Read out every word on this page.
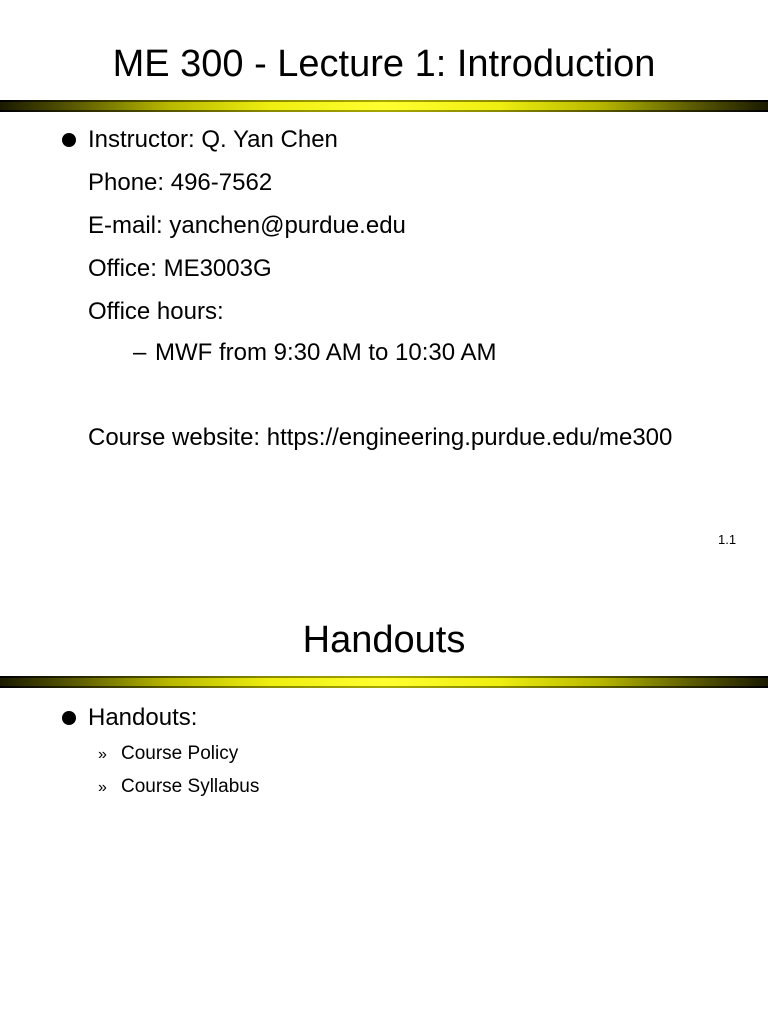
ME 300 - Lecture 1: Introduction
Instructor: Q. Yan Chen
Phone: 496-7562
E-mail: yanchen@purdue.edu
Office: ME3003G
Office hours:
– MWF from 9:30 AM to 10:30 AM
Course website: https://engineering.purdue.edu/me300
1.1
Handouts
Handouts:
» Course Policy
» Course Syllabus
